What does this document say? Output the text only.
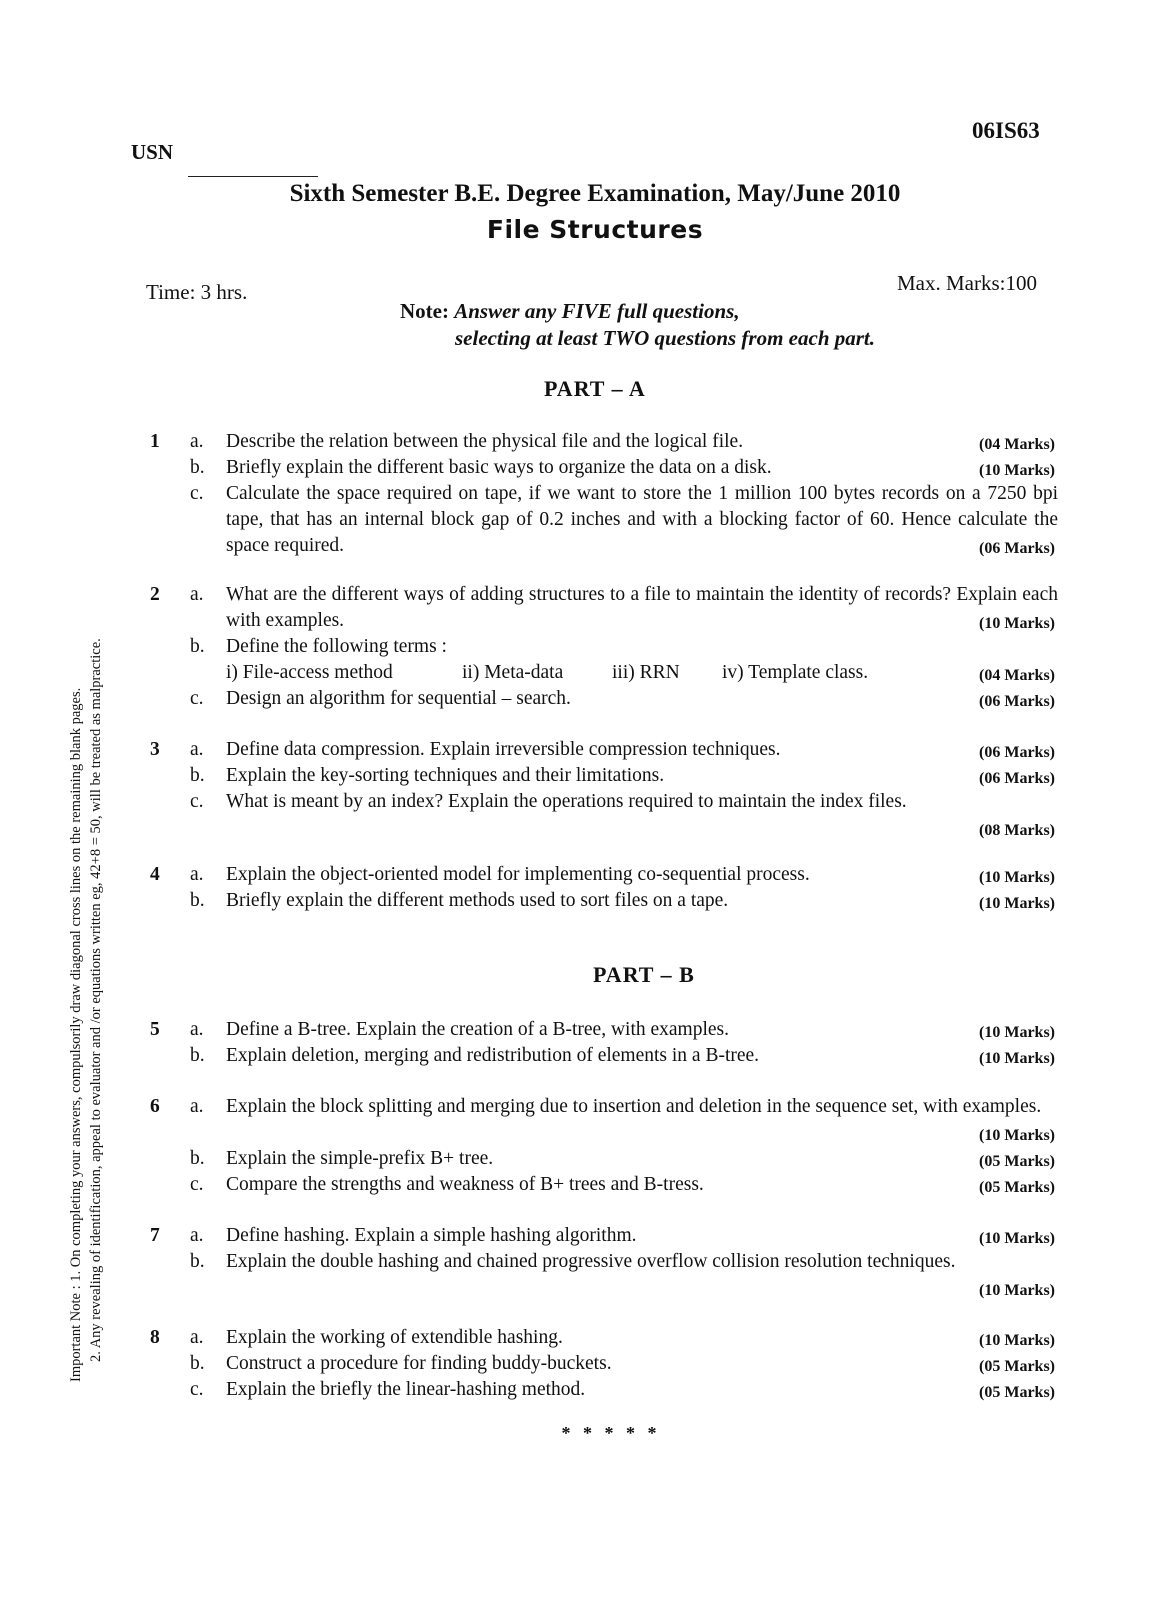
USN
06IS63
Sixth Semester B.E. Degree Examination, May/June 2010
File Structures
Time: 3 hrs.	Max. Marks:100
Note: Answer any FIVE full questions,
selecting at least TWO questions from each part.
Important Note : 1. On completing your answers, compulsorily draw diagonal cross lines on the remaining blank pages. 2. Any revealing of identification, appeal to evaluator and /or equations written eg, 42+8 = 50, will be treated as malpractice.
PART – A
1	a. Describe the relation between the physical file and the logical file.	(04 Marks)
b. Briefly explain the different basic ways to organize the data on a disk.	(10 Marks)
c. Calculate the space required on tape, if we want to store the 1 million 100 bytes records on a 7250 bpi tape, that has an internal block gap of 0.2 inches and with a blocking factor of 60. Hence calculate the space required.	(06 Marks)
2	a. What are the different ways of adding structures to a file to maintain the identity of records? Explain each with examples.	(10 Marks)
b. Define the following terms :

i) File-access method	ii) Meta-data	iii) RRN	iv) Template class.	(04 Marks)
c. Design an algorithm for sequential – search.	(06 Marks)
3	a. Define data compression. Explain irreversible compression techniques.	(06 Marks)
b. Explain the key-sorting techniques and their limitations.	(06 Marks)
c. What is meant by an index? Explain the operations required to maintain the index files.
(08 Marks)
4	a. Explain the object-oriented model for implementing co-sequential process.	(10 Marks)
b. Briefly explain the different methods used to sort files on a tape.	(10 Marks)
PART – B
5	a. Define a B-tree. Explain the creation of a B-tree, with examples.	(10 Marks)
b. Explain deletion, merging and redistribution of elements in a B-tree.	(10 Marks)
6	a. Explain the block splitting and merging due to insertion and deletion in the sequence set, with examples.
(10 Marks)
b. Explain the simple-prefix B+ tree.	(05 Marks)
c. Compare the strengths and weakness of B+ trees and B-tress.	(05 Marks)
7	a. Define hashing. Explain a simple hashing algorithm.	(10 Marks)
b. Explain the double hashing and chained progressive overflow collision resolution techniques.
(10 Marks)
8	a. Explain the working of extendible hashing.	(10 Marks)
b. Construct a procedure for finding buddy-buckets.	(05 Marks)
c. Explain the briefly the linear-hashing method.	(05 Marks)
* * * * *
